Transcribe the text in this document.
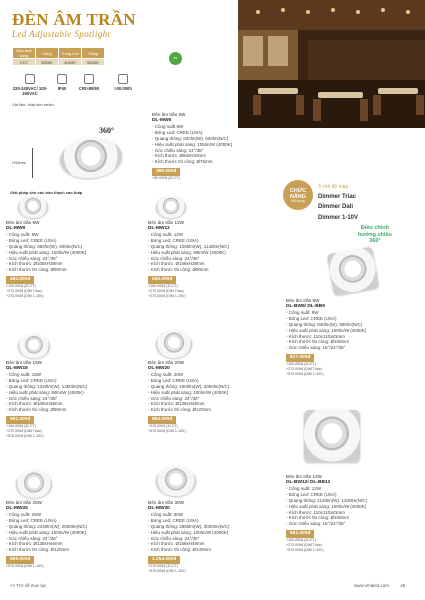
ĐÈN ÂM TRẦN
Led Adjustable Spotlight
Màu ánh sáng	Vàng	Trung tính	Trắng
CCT	3000K	4000K	6500K
3Y
220-240VAC/ 100-260VAC
IP40	CRI>80/90	>30.000h
Vật liệu: Hợp kim nhôm
360°
H33mm
Giải pháp cho các trần thạch cao thấp	CHỨC
NĂNG
Bổ sung
3 chế độ màu
Dimmer Triac
Dimmer Dali
Dimmer 1-10V
Điều chỉnh
hướng chiếu
360°
Đèn âm trần 6W
DL-MW6
- Công suất 6W
- Bóng Led: CREE (USA)
- Quang thông: 620lm(W), 620lm(N/C)
- Hiệu suất phát sáng: 105lm/W (4000K)
- Góc chiếu sáng: 24°/38°
- Kích thước: Ø60xH33mm
- Kích thước thi công: Ø75mm
385.000đ
+90.000đ (3CCT)
Đèn âm trần 9W
DL-MW9
- Công suất: 9W
- Bóng Led: CREE (USA)
- Quang thông: 850lm(W), 900lm(N/C)
- Hiệu suất phát sáng: 100lm/W (4000K)
- Góc chiếu sáng: 24°/38°
- Kích thước: Ø108xH38mm
- Kích thước thi công: Ø90mm
484.000đ
+100.000đ (3CCT)
+270.000đ (DIM Triac)
+270.000đ (DIM 1-10V)
Đèn âm trần 12W
DL-MW12
- Công suất: 12W
- Bóng Led: CREE (USA)
- Quang thông: 1080lm(W), 1140lm(N/C)
- Hiệu suất phát sáng: 95lm/W (4000K)
- Góc chiếu sáng: 24°/38°
- Kích thước: Ø108xH38mm
- Kích thước thi công: Ø90mm
506.000đ
+160.000đ (3CCT)
+270.000đ (DIM Triac)
+270.000đ (DIM 1-10V)
Đèn âm trần 15W
DL-MW15
- Công suất: 15W
- Bóng Led: CREE (USA)
- Quang thông: 1320lm(W), 1350lm(N/C)
- Hiệu suất phát sáng: 90lm/W (4000K)
- Góc chiếu sáng: 24°/38°
- Kích thước: Ø108xH38mm
- Kích thước thi công: Ø90mm
561.000đ
+160.000đ (3CCT)
+270.000đ (DIM Triac)
+570.000đ (DIM 1-10V)
Đèn âm trần 20W
DL-MW20
- Công suất: 20W
- Bóng Led: CREE (USA)
- Quang thông: 1900lm(W), 2000lm(N/C)
- Hiệu suất phát sáng: 100lm/W (4000K)
- Góc chiếu sáng: 24°/38°
- Kích thước: Ø138xH46mm
- Kích thước thi công: Ø120mm
864.000đ
+310.000đ (3CCT)
+570.000đ (DIM 1-10V)
Đèn âm trần 25W
DL-MW25
- Công suất: 25W
- Bóng Led: CREE (USA)
- Quang thông: 2440lm(W), 2500lm(N/C)
- Hiệu suất phát sáng: 100lm/W (4000K)
- Góc chiếu sáng: 24°/38°
- Kích thước: Ø138xH46mm
- Kích thước thi công: Ø120mm
909.000đ
+570.000đ (DIM 1-10V)
Đèn âm trần 30W
DL-MW30
- Công suất: 30W
- Bóng Led: CREE (USA)
- Quang thông: 2850lm(W), 3000lm(N/C)
- Hiệu suất phát sáng: 100lm/W (4000K)
- Góc chiếu sáng: 24°/38°
- Kích thước: Ø158xH49mm
- Kích thước thi công: Ø140mm
1.254.000đ
+270.000đ (3CCT)
+570.000đ (DIM 1-10V)
Đèn âm trần 9W
DL-BW9/ DL-BB9
- Công suất: 9W
- Bóng Led: CREE (USA)
- Quang thông: 840lm(W), 900lm(N/C)
- Hiệu suất phát sáng: 100lm/W (4000K)
- Kích thước: 110x110x81mm
- Kích thước thi công: Ø100mm
- Góc chiếu sáng: 15°/24°/38°
817.000đ
+100.000đ (3CCT)
+270.000đ (DIM Triac)
+570.000đ (DIM 1-10V)
Đèn âm trần 12W
DL-BW12/ DL-BB12
- Công suất: 12W
- Bóng Led: CREE (USA)
- Quang thông: 1120lm(W), 1200lm(N/C)
- Hiệu suất phát sáng: 100lm/W (4000K)
- Kích thước: 110x110x81mm
- Kích thước thi công: Ø100mm
- Góc chiếu sáng: 15°/24°/38°
851.000đ
+100.000đ (3CCT)
+270.000đ (DIM Triac)
+570.000đ (DIM 1-10V)
<< Trở về mục lục	www.vmaled.com	45
